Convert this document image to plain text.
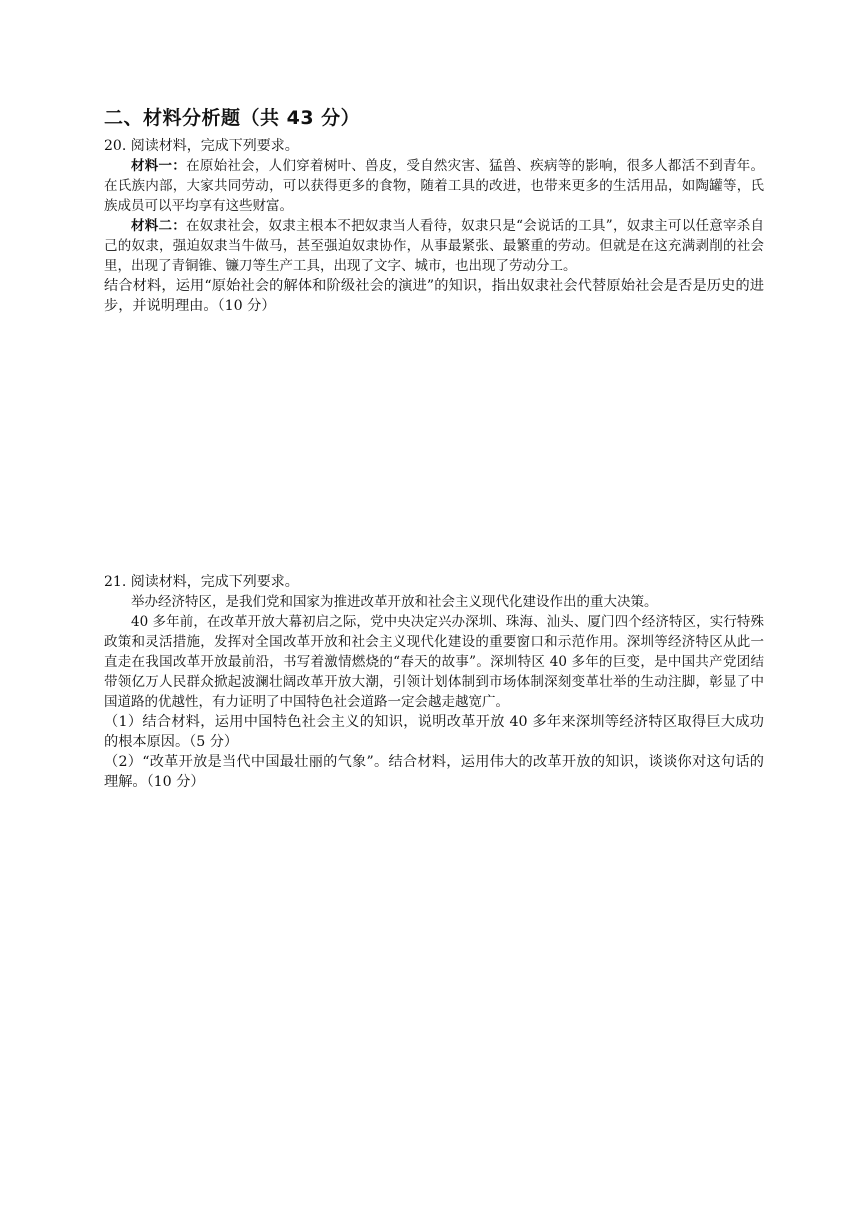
二、材料分析题（共 43 分）
20. 阅读材料，完成下列要求。

材料一：在原始社会，人们穿着树叶、兽皮，受自然灾害、猛兽、疾病等的影响，很多人都活不到青年。在氏族内部，大家共同劳动，可以获得更多的食物，随着工具的改进，也带来更多的生活用品，如陶罐等，氏族成员可以平均享有这些财富。

材料二：在奴隶社会，奴隶主根本不把奴隶当人看待，奴隶只是“会说话的工具”，奴隶主可以任意宰杀自己的奴隶，强迫奴隶当牛做马，甚至强迫奴隶协作，从事最紧张、最繁重的劳动。但就是在这充满剥削的社会里，出现了青铜锥、镰刀等生产工具，出现了文字、城市，也出现了劳动分工。

结合材料，运用“原始社会的解体和阶级社会的演进”的知识，指出奴隶社会代替原始社会是否是历史的进步，并说明理由。（10 分）

21. 阅读材料，完成下列要求。

举办经济特区，是我们党和国家为推进改革开放和社会主义现代化建设作出的重大决策。

40 多年前，在改革开放大幕初启之际，党中央决定兴办深圳、珠海、汕头、厦门四个经济特区，实行特殊政策和灵活措施，发挥对全国改革开放和社会主义现代化建设的重要窗口和示范作用。深圳等经济特区从此一直走在我国改革开放最前沿，书写着激情燃烧的“春天的故事”。深圳特区 40 多年的巨变，是中国共产党团结带领亿万人民群众掀起波澜壮阔改革开放大潮，引领计划体制到市场体制深刻变革壮举的生动注脚，彰显了中国道路的优越性，有力证明了中国特色社会道路一定会越走越宽广。

（1）结合材料，运用中国特色社会主义的知识，说明改革开放 40 多年来深圳等经济特区取得巨大成功的根本原因。（5 分）

（2）“改革开放是当代中国最壮丽的气象”。结合材料，运用伟大的改革开放的知识，谈谈你对这句话的理解。（10 分）
